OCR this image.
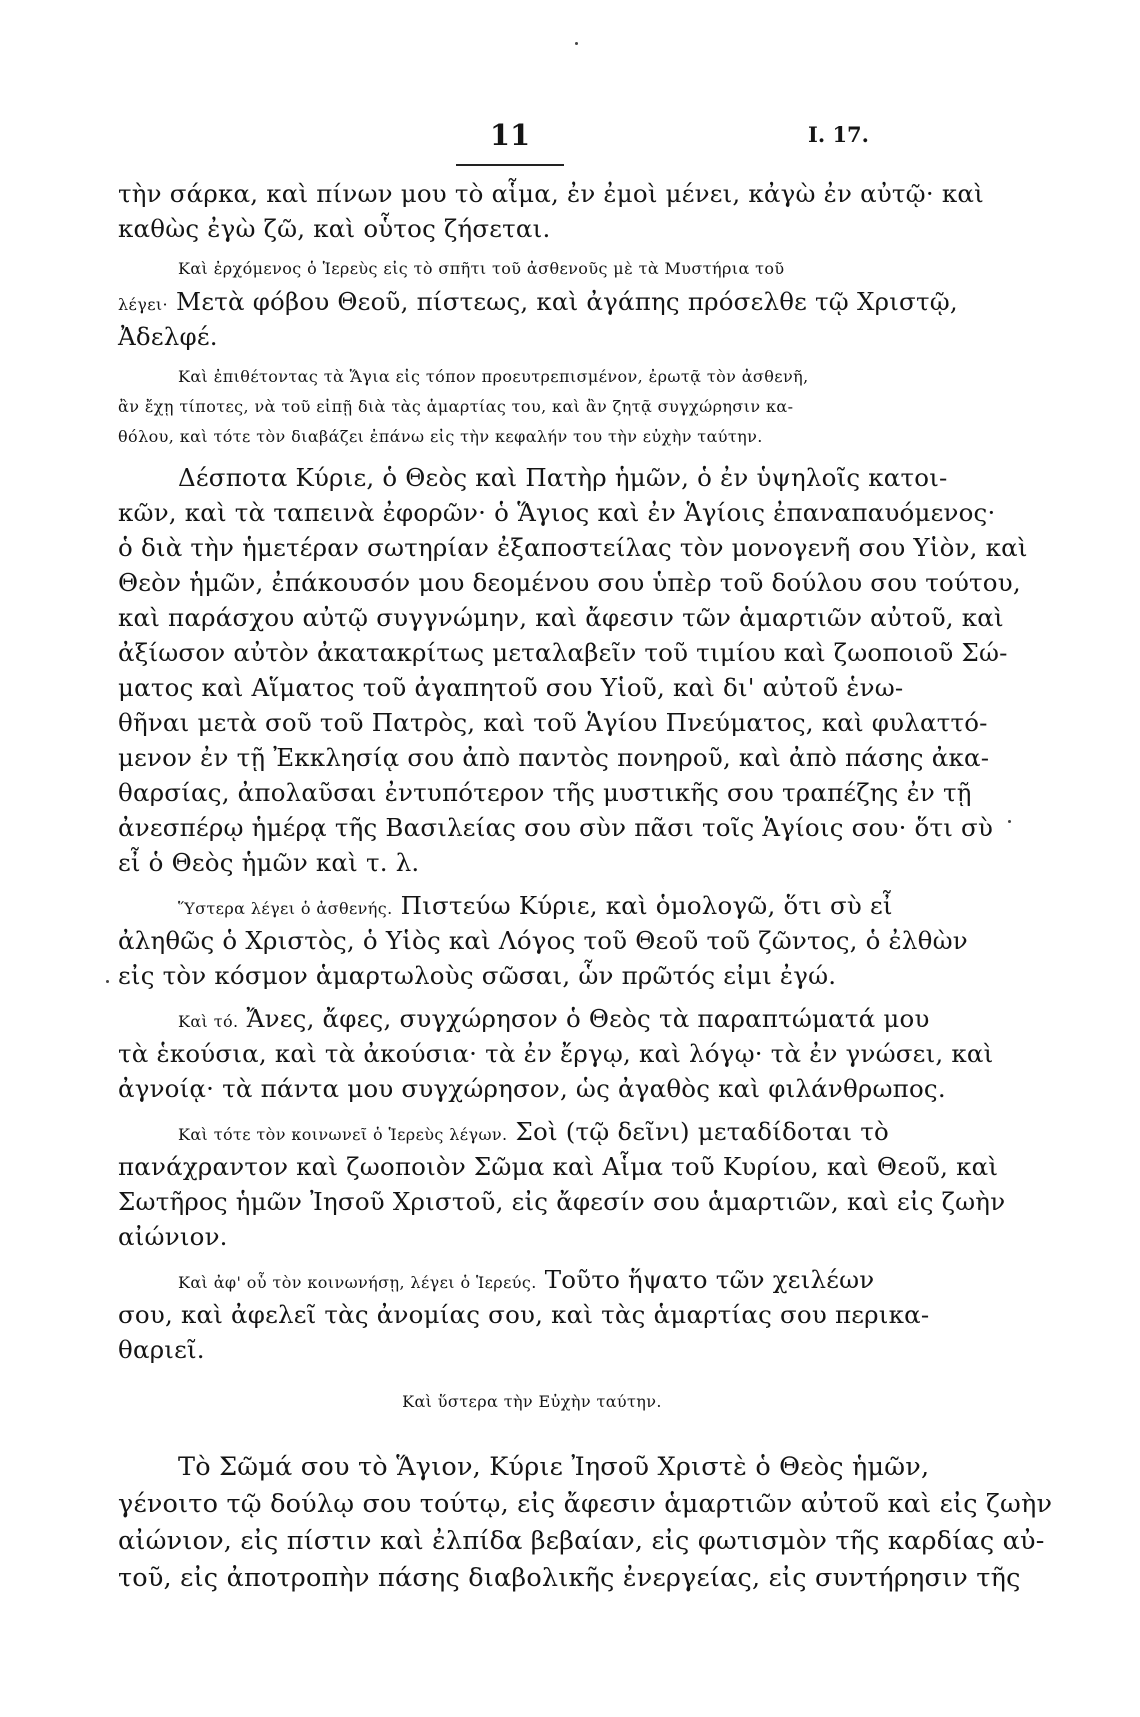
11	I. 17.
τὴν σάρκα, καὶ πίνων μου τὸ αἷμα, ἐν ἐμοὶ μένει, κἀγὼ ἐν αὐτῷ· καὶ
καθὼς ἐγὼ ζῶ, καὶ οὗτος ζήσεται.
Καὶ ἐρχόμενος ὁ Ἱερεὺς εἰς τὸ σπῆτι τοῦ ἀσθενοῦς μὲ τὰ Μυστήρια τοῦ
λέγει· Μετὰ φόβου Θεοῦ, πίστεως, καὶ ἀγάπης πρόσελθε τῷ Χριστῷ,
Ἀδελφέ.
Καὶ ἐπιθέτοντας τὰ Ἅγια εἰς τόπον προευτρεπισμένον, ἐρωτᾷ τὸν ἀσθενῆ,
ἂν ἔχῃ τίποτες, νὰ τοῦ εἰπῇ διὰ τὰς ἁμαρτίας του, καὶ ἂν ζητᾷ συγχώρησιν κα-
θόλου, καὶ τότε τὸν διαβάζει ἐπάνω εἰς τὴν κεφαλήν του τὴν εὐχὴν ταύτην.
Δέσποτα Κύριε, ὁ Θεὸς καὶ Πατὴρ ἡμῶν, ὁ ἐν ὑψηλοῖς κατοι-
κῶν, καὶ τὰ ταπεινὰ ἐφορῶν· ὁ Ἅγιος καὶ ἐν Ἁγίοις ἐπαναπαυόμενος·
ὁ διὰ τὴν ἡμετέραν σωτηρίαν ἐξαποστείλας τὸν μονογενῆ σου Υἱὸν, καὶ
Θεὸν ἡμῶν, ἐπάκουσόν μου δεομένου σου ὑπὲρ τοῦ δούλου σου τούτου,
καὶ παράσχου αὐτῷ συγγνώμην, καὶ ἄφεσιν τῶν ἁμαρτιῶν αὐτοῦ, καὶ
ἀξίωσον αὐτὸν ἀκατακρίτως μεταλαβεῖν τοῦ τιμίου καὶ ζωοποιοῦ Σώ-
ματος καὶ Αἵματος τοῦ ἀγαπητοῦ σου Υἱοῦ, καὶ δι' αὐτοῦ ἑνω-
θῆναι μετὰ σοῦ τοῦ Πατρὸς, καὶ τοῦ Ἁγίου Πνεύματος, καὶ φυλαττό-
μενον ἐν τῇ Ἐκκλησίᾳ σου ἀπὸ παντὸς πονηροῦ, καὶ ἀπὸ πάσης ἀκα-
θαρσίας, ἀπολαῦσαι ἐντυπότερον τῆς μυστικῆς σου τραπέζης ἐν τῇ
ἀνεσπέρῳ ἡμέρᾳ τῆς Βασιλείας σου σὺν πᾶσι τοῖς Ἁγίοις σου· ὅτι σὺ
εἶ ὁ Θεὸς ἡμῶν καὶ τ. λ.
Ὕστερα λέγει ὁ ἀσθενής. Πιστεύω Κύριε, καὶ ὁμολογῶ, ὅτι σὺ εἶ
ἀληθῶς ὁ Χριστὸς, ὁ Υἱὸς καὶ Λόγος τοῦ Θεοῦ τοῦ ζῶντος, ὁ ἐλθὼν
εἰς τὸν κόσμον ἁμαρτωλοὺς σῶσαι, ὧν πρῶτός εἰμι ἐγώ.
Καὶ τό. Ἄνες, ἄφες, συγχώρησον ὁ Θεὸς τὰ παραπτώματά μου
τὰ ἑκούσια, καὶ τὰ ἀκούσια· τὰ ἐν ἔργῳ, καὶ λόγῳ· τὰ ἐν γνώσει, καὶ
ἀγνοίᾳ· τὰ πάντα μου συγχώρησον, ὡς ἀγαθὸς καὶ φιλάνθρωπος.
Καὶ τότε τὸν κοινωνεῖ ὁ Ἱερεὺς λέγων. Σοὶ (τῷ δεῖνι) μεταδίδοται τὸ
πανάχραντον καὶ ζωοποιὸν Σῶμα καὶ Αἷμα τοῦ Κυρίου, καὶ Θεοῦ, καὶ
Σωτῆρος ἡμῶν Ἰησοῦ Χριστοῦ, εἰς ἄφεσίν σου ἁμαρτιῶν, καὶ εἰς ζωὴν
αἰώνιον.
Καὶ ἀφ' οὗ τὸν κοινωνήσῃ, λέγει ὁ Ἱερεύς. Τοῦτο ἥψατο τῶν χειλέων
σου, καὶ ἀφελεῖ τὰς ἀνομίας σου, καὶ τὰς ἁμαρτίας σου περικα-
θαριεῖ.
Καὶ ὕστερα τὴν Εὐχὴν ταύτην.
Τὸ Σῶμά σου τὸ Ἅγιον, Κύριε Ἰησοῦ Χριστὲ ὁ Θεὸς ἡμῶν,
γένοιτο τῷ δούλῳ σου τούτῳ, εἰς ἄφεσιν ἁμαρτιῶν αὐτοῦ καὶ εἰς ζωὴν
αἰώνιον, εἰς πίστιν καὶ ἐλπίδα βεβαίαν, εἰς φωτισμὸν τῆς καρδίας αὐ-
τοῦ, εἰς ἀποτροπὴν πάσης διαβολικῆς ἐνεργείας, εἰς συντήρησιν τῆς
